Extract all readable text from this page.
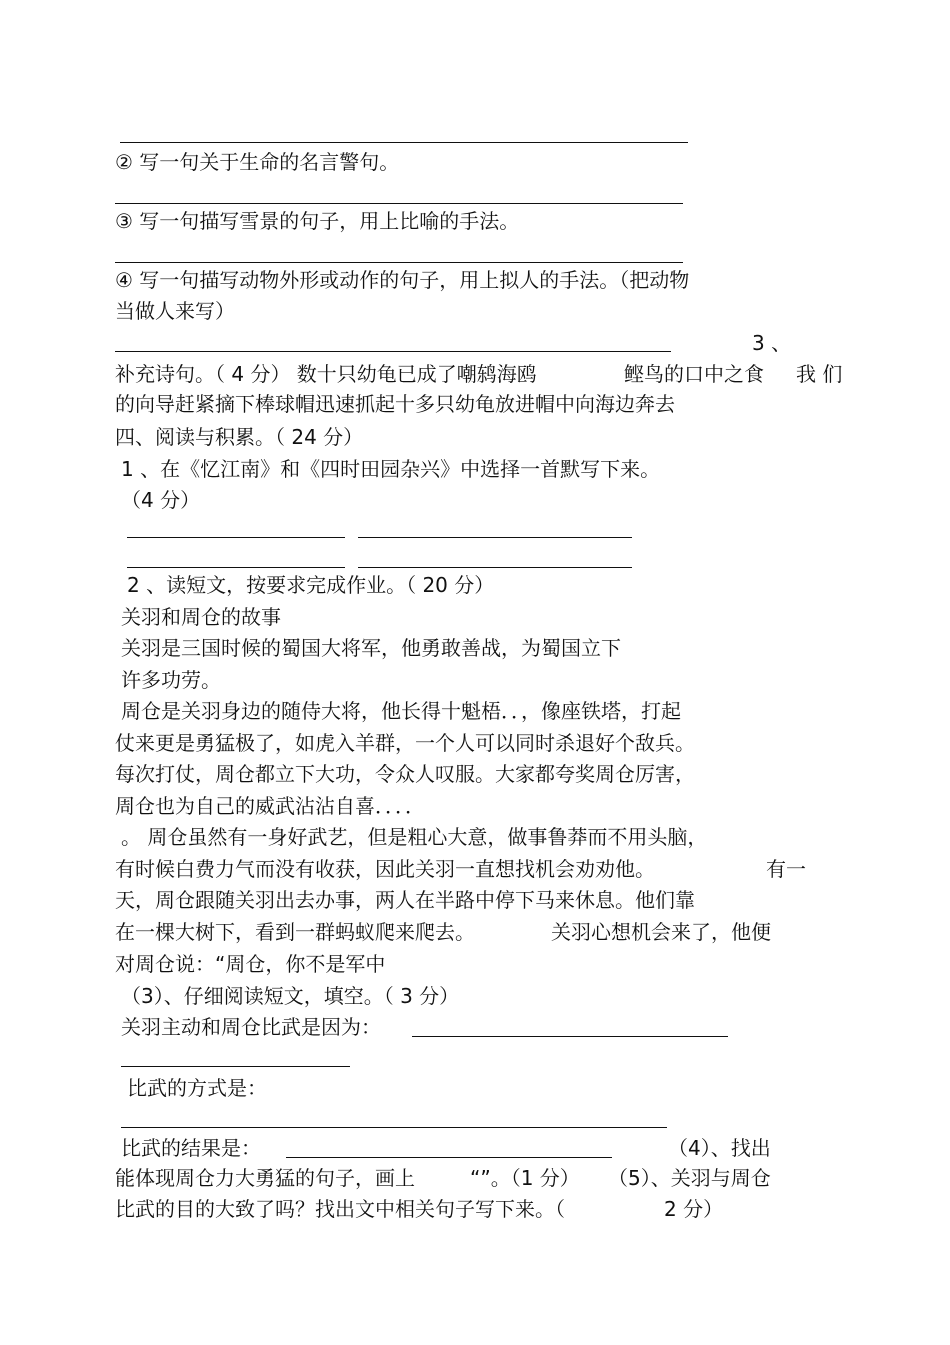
② 写一句关于生命的名言警句。
③ 写一句描写雪景的句子，用上比喻的手法。
④ 写一句描写动物外形或动作的句子，用上拟人的手法。（把动物
当做人来写）
3 、
补充诗句。（ 4 分） 数十只幼龟已成了嘲鸫海鸥	鲣鸟的口中之食 我 们
的向导赶紧摘下棒球帽迅速抓起十多只幼龟放进帽中向海边奔去
四、阅读与积累。（ 24 分）
1 、在《忆江南》和《四时田园杂兴》中选择一首默写下来。
（4 分）
2 、读短文，按要求完成作业。（ 20 分）
关羽和周仓的故事
关羽是三国时候的蜀国大将军，他勇敢善战，为蜀国立下
许多功劳。
周仓是关羽身边的随侍大将，他长得十魁梧．．，像座铁塔，打起
仗来更是勇猛极了，如虎入羊群，一个人可以同时杀退好个敌兵。
每次打仗，周仓都立下大功，令众人叹服。大家都夸奖周仓厉害，
周仓也为自己的威武沾沾自喜．．．．
。 周仓虽然有一身好武艺，但是粗心大意，做事鲁莽而不用头脑，
有时候白费力气而没有收获，因此关羽一直想找机会劝劝他。	有一
天，周仓跟随关羽出去办事，两人在半路中停下马来休息。他们靠
在一棵大树下，看到一群蚂蚁爬来爬去。	关羽心想机会来了，他便
对周仓说：“周仓，你不是军中
（3）、仔细阅读短文，填空。（ 3 分）
关羽主动和周仓比武是因为：
比武的方式是：
比武的结果是：	（4）、找出
能体现周仓力大勇猛的句子，画上	“”。（1 分） （5）、关羽与周仓
比武的目的大致了吗？找出文中相关句子写下来。（	2 分）
